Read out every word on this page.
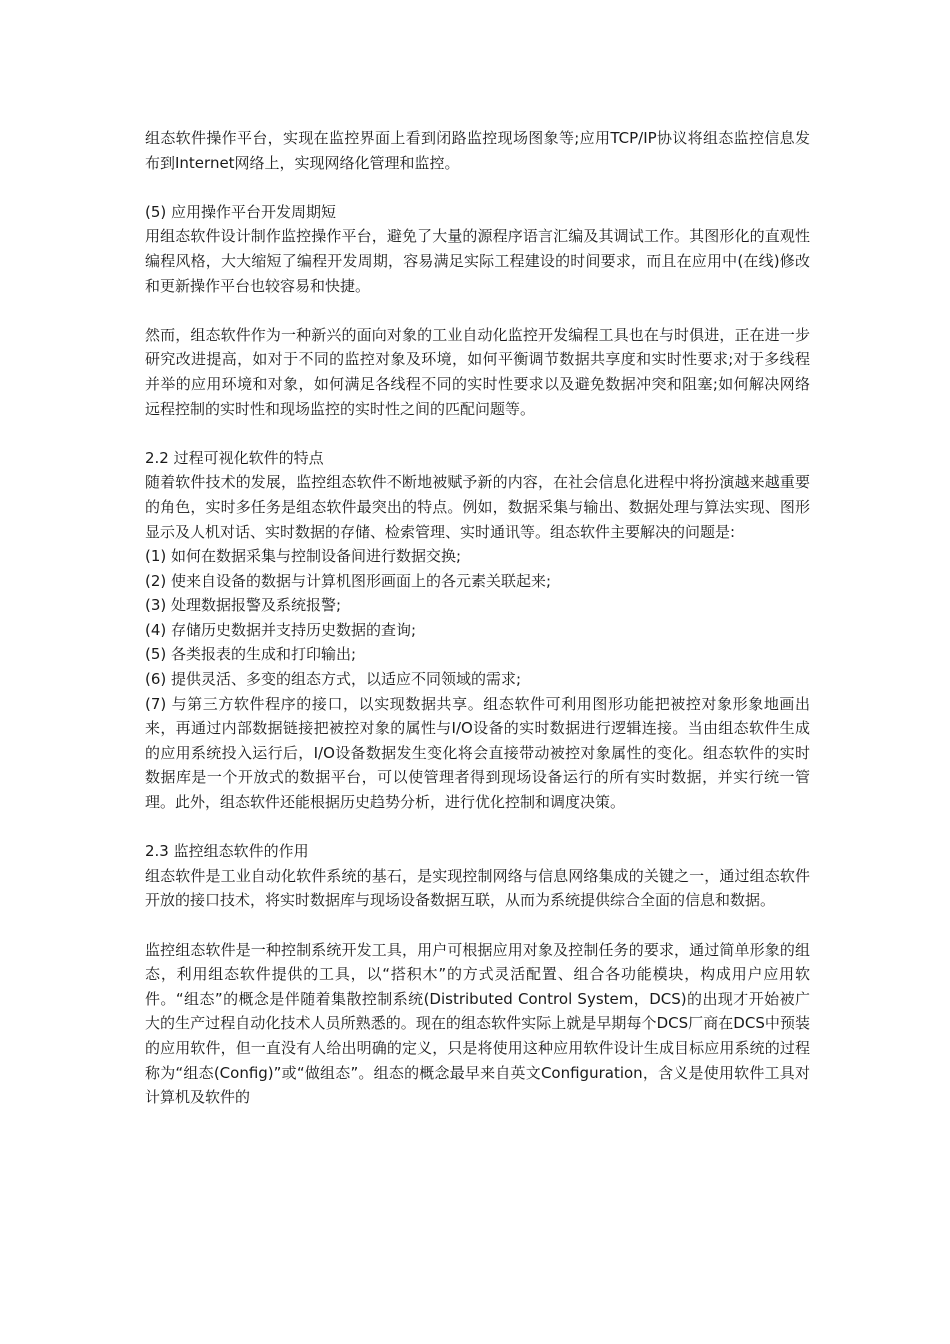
组态软件操作平台，实现在监控界面上看到闭路监控现场图象等;应用TCP/IP协议将组态监控信息发布到Internet网络上，实现网络化管理和监控。

(5) 应用操作平台开发周期短

用组态软件设计制作监控操作平台，避免了大量的源程序语言汇编及其调试工作。其图形化的直观性编程风格，大大缩短了编程开发周期，容易满足实际工程建设的时间要求，而且在应用中(在线)修改和更新操作平台也较容易和快捷。

然而，组态软件作为一种新兴的面向对象的工业自动化监控开发编程工具也在与时俱进，正在进一步研究改进提高，如对于不同的监控对象及环境，如何平衡调节数据共享度和实时性要求;对于多线程并举的应用环境和对象，如何满足各线程不同的实时性要求以及避免数据冲突和阻塞;如何解决网络远程控制的实时性和现场监控的实时性之间的匹配问题等。

2.2 过程可视化软件的特点

随着软件技术的发展，监控组态软件不断地被赋予新的内容，在社会信息化进程中将扮演越来越重要的角色，实时多任务是组态软件最突出的特点。例如，数据采集与输出、数据处理与算法实现、图形显示及人机对话、实时数据的存储、检索管理、实时通讯等。组态软件主要解决的问题是:

(1) 如何在数据采集与控制设备间进行数据交换;

(2) 使来自设备的数据与计算机图形画面上的各元素关联起来;

(3) 处理数据报警及系统报警;

(4) 存储历史数据并支持历史数据的查询;

(5) 各类报表的生成和打印输出;

(6) 提供灵活、多变的组态方式，以适应不同领域的需求;

(7) 与第三方软件程序的接口，以实现数据共享。组态软件可利用图形功能把被控对象形象地画出来，再通过内部数据链接把被控对象的属性与I/O设备的实时数据进行逻辑连接。当由组态软件生成的应用系统投入运行后，I/O设备数据发生变化将会直接带动被控对象属性的变化。组态软件的实时数据库是一个开放式的数据平台，可以使管理者得到现场设备运行的所有实时数据，并实行统一管理。此外，组态软件还能根据历史趋势分析，进行优化控制和调度决策。

2.3 监控组态软件的作用

组态软件是工业自动化软件系统的基石，是实现控制网络与信息网络集成的关键之一，通过组态软件开放的接口技术，将实时数据库与现场设备数据互联，从而为系统提供综合全面的信息和数据。

监控组态软件是一种控制系统开发工具，用户可根据应用对象及控制任务的要求，通过简单形象的组态，利用组态软件提供的工具，以“搭积木”的方式灵活配置、组合各功能模块，构成用户应用软件。“组态”的概念是伴随着集散控制系统(Distributed Control System，DCS)的出现才开始被广大的生产过程自动化技术人员所熟悉的。现在的组态软件实际上就是早期每个DCS厂商在DCS中预装的应用软件，但一直没有人给出明确的定义，只是将使用这种应用软件设计生成目标应用系统的过程称为“组态(Config)”或“做组态”。组态的概念最早来自英文Configuration，含义是使用软件工具对计算机及软件的
